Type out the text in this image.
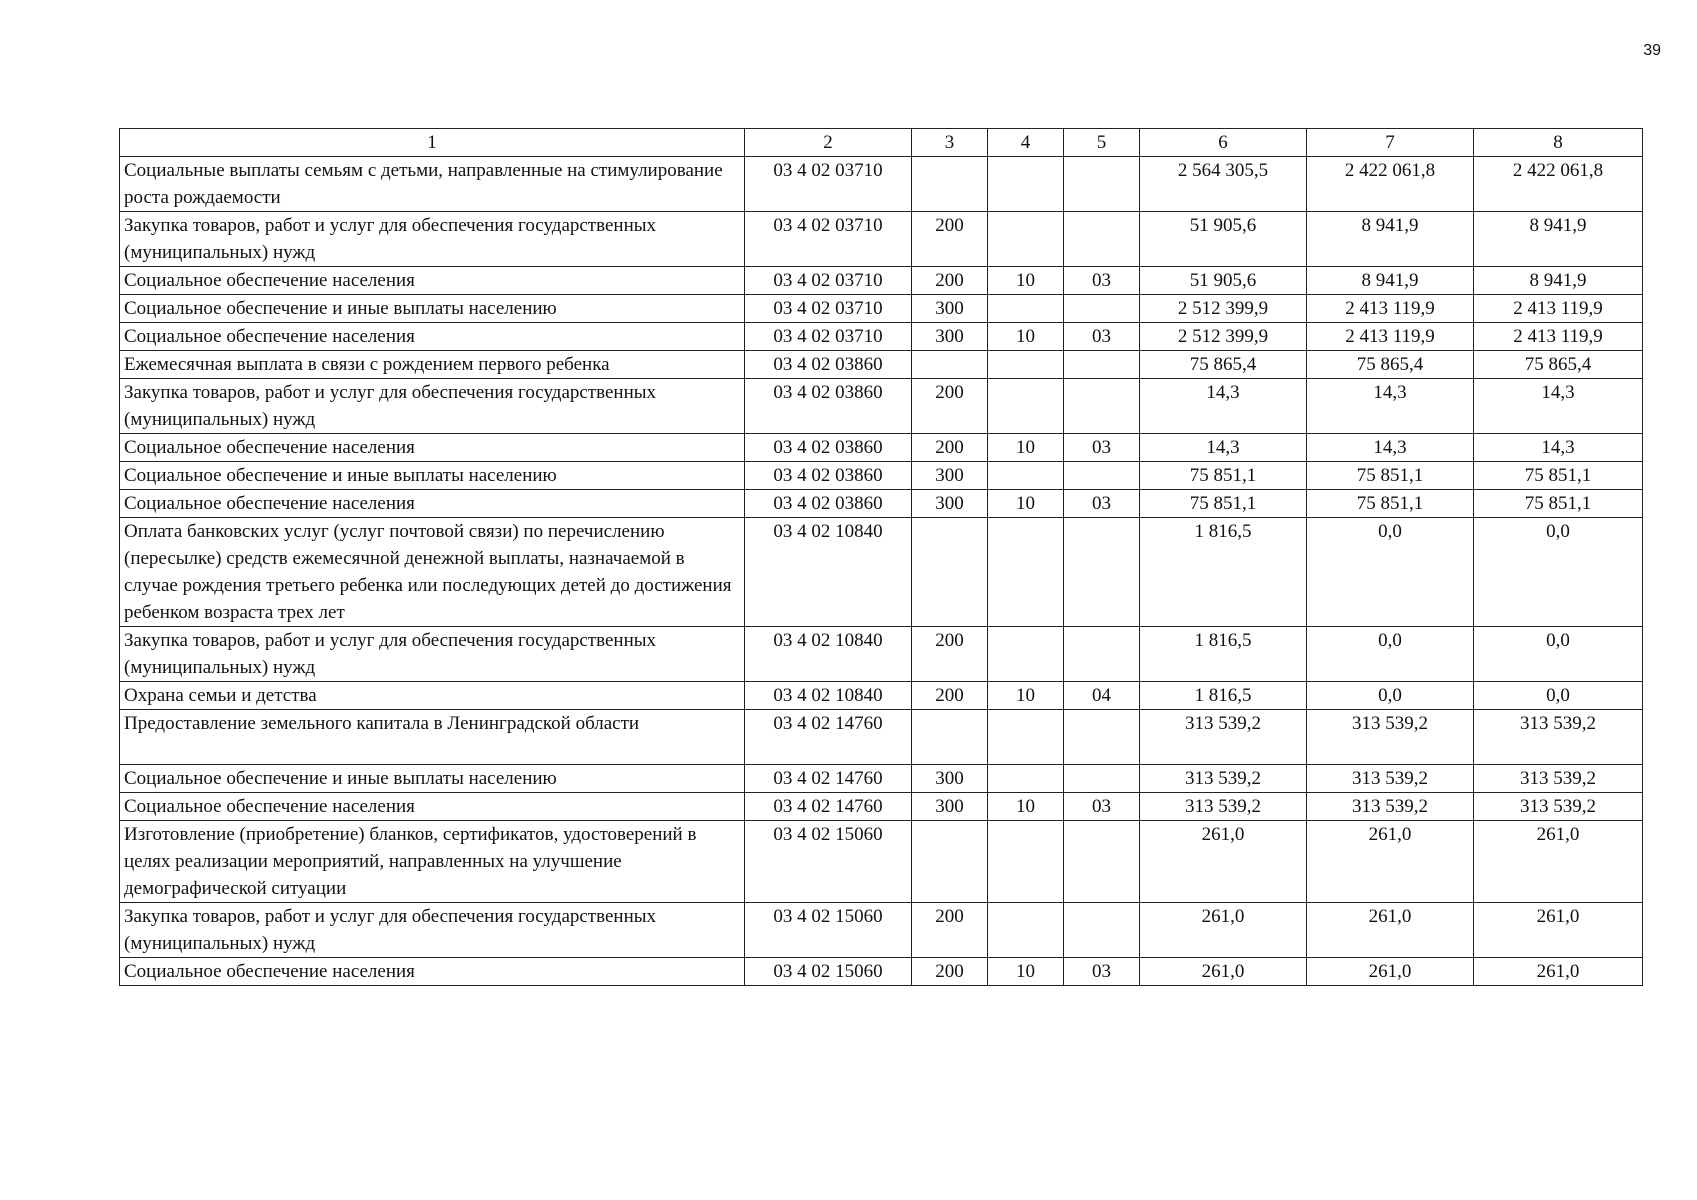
39
1	2	3	4	5	6	7	8
Социальные выплаты семьям с детьми, направленные на стимулирование роста рождаемости	03 4 02 03710				2 564 305,5	2 422 061,8	2 422 061,8
Закупка товаров, работ и услуг для обеспечения государственных (муниципальных) нужд	03 4 02 03710	200			51 905,6	8 941,9	8 941,9
Социальное обеспечение населения	03 4 02 03710	200	10	03	51 905,6	8 941,9	8 941,9
Социальное обеспечение и иные выплаты населению	03 4 02 03710	300			2 512 399,9	2 413 119,9	2 413 119,9
Социальное обеспечение населения	03 4 02 03710	300	10	03	2 512 399,9	2 413 119,9	2 413 119,9
Ежемесячная выплата в связи с рождением первого ребенка	03 4 02 03860				75 865,4	75 865,4	75 865,4
Закупка товаров, работ и услуг для обеспечения государственных (муниципальных) нужд	03 4 02 03860	200			14,3	14,3	14,3
Социальное обеспечение населения	03 4 02 03860	200	10	03	14,3	14,3	14,3
Социальное обеспечение и иные выплаты населению	03 4 02 03860	300			75 851,1	75 851,1	75 851,1
Социальное обеспечение населения	03 4 02 03860	300	10	03	75 851,1	75 851,1	75 851,1
Оплата банковских услуг (услуг почтовой связи) по перечислению (пересылке) средств ежемесячной денежной выплаты, назначаемой в случае рождения третьего ребенка или последующих детей до достижения ребенком возраста трех лет	03 4 02 10840				1 816,5	0,0	0,0
Закупка товаров, работ и услуг для обеспечения государственных (муниципальных) нужд	03 4 02 10840	200			1 816,5	0,0	0,0
Охрана семьи и детства	03 4 02 10840	200	10	04	1 816,5	0,0	0,0
Предоставление земельного капитала в Ленинградской области	03 4 02 14760				313 539,2	313 539,2	313 539,2
Социальное обеспечение и иные выплаты населению	03 4 02 14760	300			313 539,2	313 539,2	313 539,2
Социальное обеспечение населения	03 4 02 14760	300	10	03	313 539,2	313 539,2	313 539,2
Изготовление (приобретение) бланков, сертификатов, удостоверений в целях реализации мероприятий, направленных на улучшение демографической ситуации	03 4 02 15060				261,0	261,0	261,0
Закупка товаров, работ и услуг для обеспечения государственных (муниципальных) нужд	03 4 02 15060	200			261,0	261,0	261,0
Социальное обеспечение населения	03 4 02 15060	200	10	03	261,0	261,0	261,0
